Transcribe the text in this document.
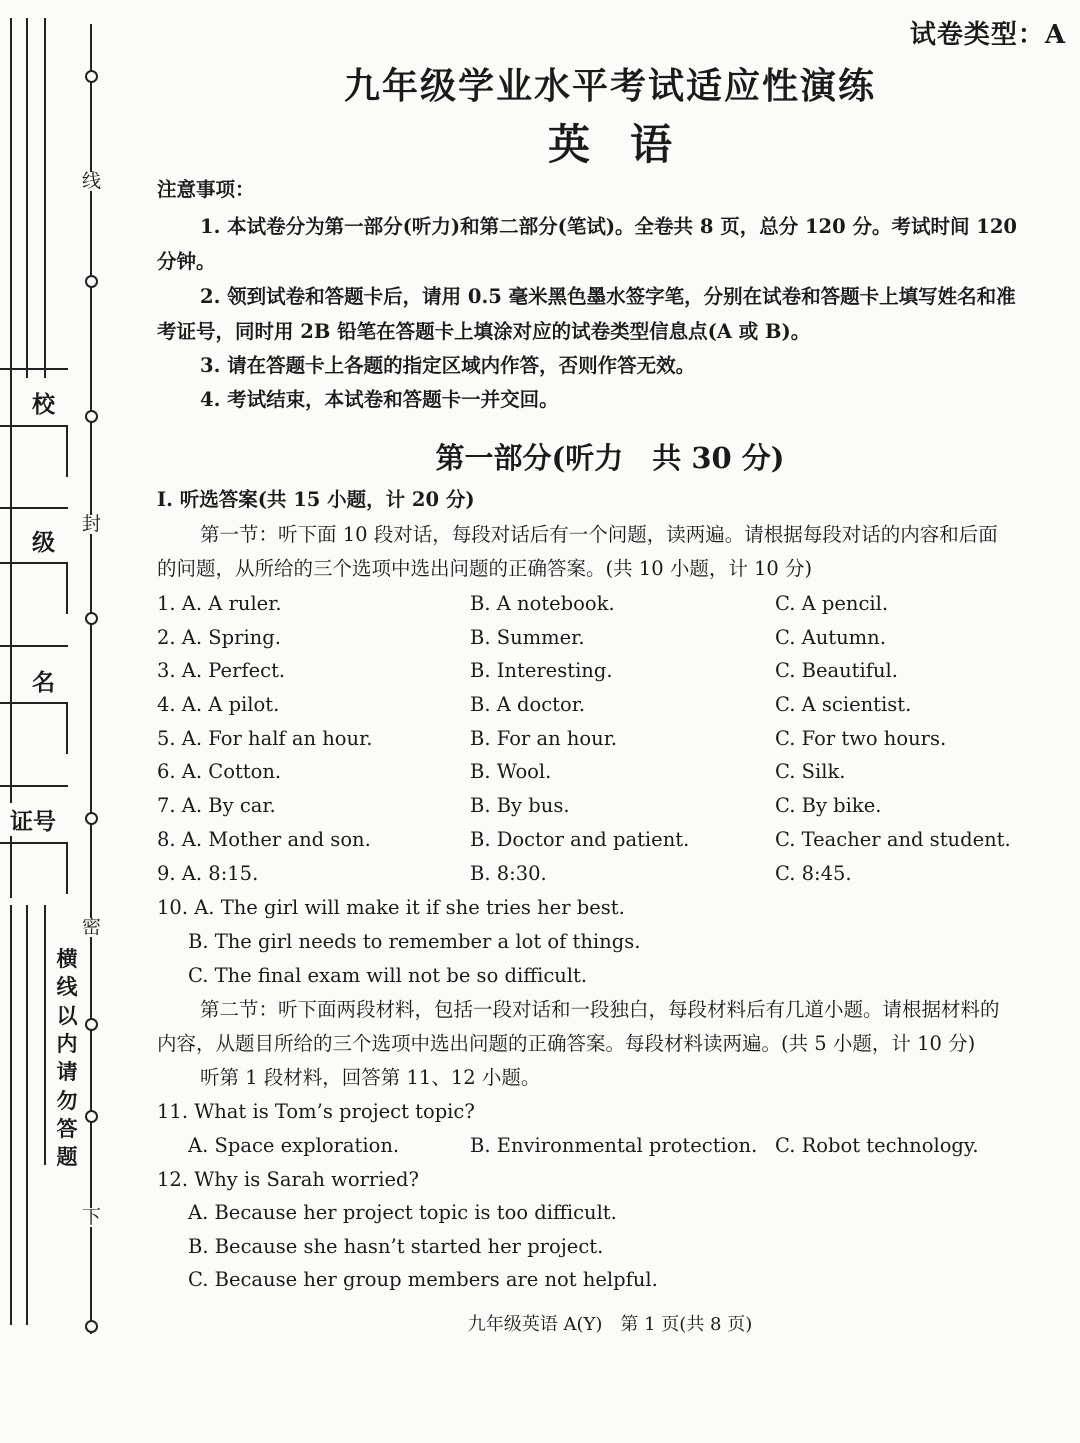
线
封
密
下
校
级
名
证号
横线以内请勿答题
试卷类型：A
九年级学业水平考试适应性演练
英语
注意事项：
1. 本试卷分为第一部分(听力)和第二部分(笔试)。全卷共 8 页，总分 120 分。考试时间 120
分钟。
2. 领到试卷和答题卡后，请用 0.5 毫米黑色墨水签字笔，分别在试卷和答题卡上填写姓名和准
考证号，同时用 2B 铅笔在答题卡上填涂对应的试卷类型信息点(A 或 B)。
3. 请在答题卡上各题的指定区域内作答，否则作答无效。
4. 考试结束，本试卷和答题卡一并交回。
第一部分(听力　共 30 分)
Ⅰ. 听选答案(共 15 小题，计 20 分)
第一节：听下面 10 段对话，每段对话后有一个问题，读两遍。请根据每段对话的内容和后面
的问题，从所给的三个选项中选出问题的正确答案。(共 10 小题，计 10 分)
1. A. A ruler.	B. A notebook.	C. A pencil.
2. A. Spring.	B. Summer.	C. Autumn.
3. A. Perfect.	B. Interesting.	C. Beautiful.
4. A. A pilot.	B. A doctor.	C. A scientist.
5. A. For half an hour.	B. For an hour.	C. For two hours.
6. A. Cotton.	B. Wool.	C. Silk.
7. A. By car.	B. By bus.	C. By bike.
8. A. Mother and son.	B. Doctor and patient.	C. Teacher and student.
9. A. 8:15.	B. 8:30.	C. 8:45.
10. A. The girl will make it if she tries her best.
B. The girl needs to remember a lot of things.
C. The final exam will not be so difficult.
第二节：听下面两段材料，包括一段对话和一段独白，每段材料后有几道小题。请根据材料的
内容，从题目所给的三个选项中选出问题的正确答案。每段材料读两遍。(共 5 小题，计 10 分)
听第 1 段材料，回答第 11、12 小题。
11. What is Tom’s project topic?
A. Space exploration.	B. Environmental protection. C. Robot technology.
12. Why is Sarah worried?
A. Because her project topic is too difficult.
B. Because she hasn’t started her project.
C. Because her group members are not helpful.
九年级英语 A(Y)　第 1 页(共 8 页)
